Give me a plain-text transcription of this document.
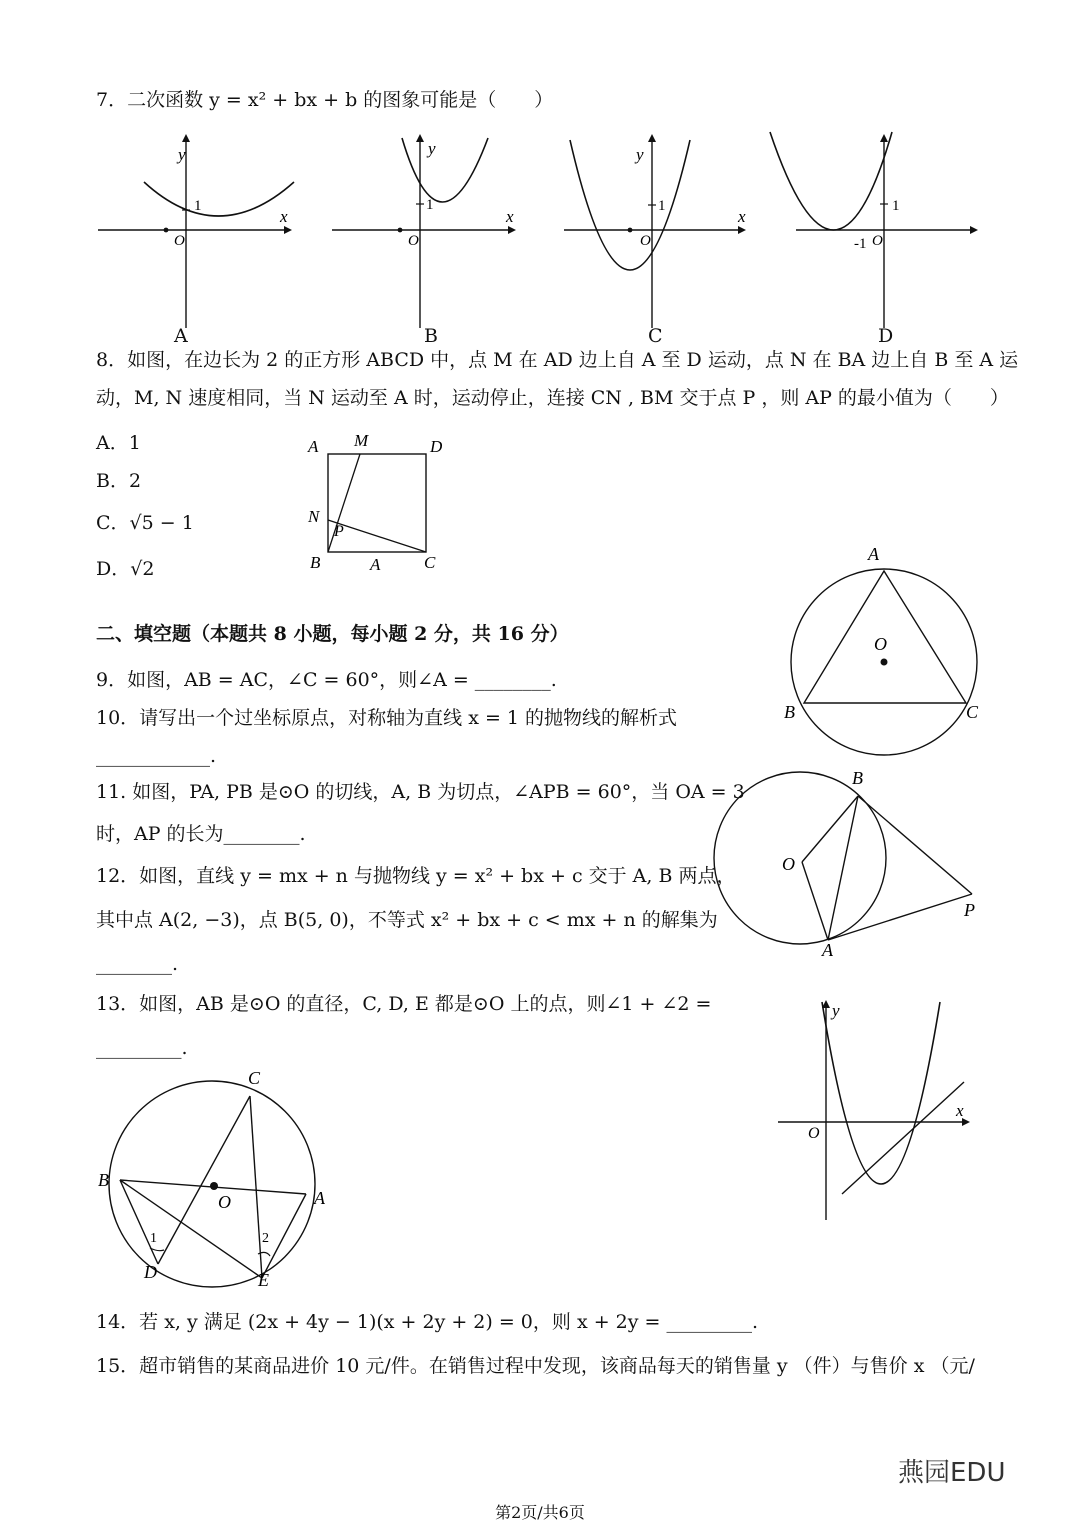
7．二次函数 y = x² + bx + b 的图象可能是（　　）
y
x
1
O
A
y
x
1
O
B
y
x
1
O
C
1
-1 O
D
8．如图，在边长为 2 的正方形 ABCD 中，点 M 在 AD 边上自 A 至 D 运动，点 N 在 BA 边上自 B 至 A 运
动，M, N 速度相同，当 N 运动至 A 时，运动停止，连接 CN , BM 交于点 P ，则 AP 的最小值为（　　）
A．1
B．2
C．√5 − 1
D．√2
A M	D
N
P
B	A	C
二、填空题（本题共 8 小题，每小题 2 分，共 16 分）
A
O
B	C
9．如图，AB = AC，∠C = 60°，则∠A = ________.
10．请写出一个过坐标原点，对称轴为直线 x = 1 的抛物线的解析式
____________.
B
O
P
A
11. 如图，PA, PB 是⊙O 的切线，A, B 为切点，∠APB = 60°，当 OA = 3
时，AP 的长为________.
12．如图，直线 y = mx + n 与抛物线 y = x² + bx + c 交于 A, B 两点，
其中点 A(2, −3)，点 B(5, 0)，不等式 x² + bx + c < mx + n 的解集为
________.
y
x
O
13．如图，AB 是⊙O 的直径，C, D, E 都是⊙O 上的点，则∠1 + ∠2 =
_________.
C
B
O	A
D	E
1	2
14．若 x, y 满足 (2x + 4y − 1)(x + 2y + 2) = 0，则 x + 2y = _________.
15．超市销售的某商品进价 10 元/件。在销售过程中发现，该商品每天的销售量 y （件）与售价 x （元/
燕园EDU
第2页/共6页
